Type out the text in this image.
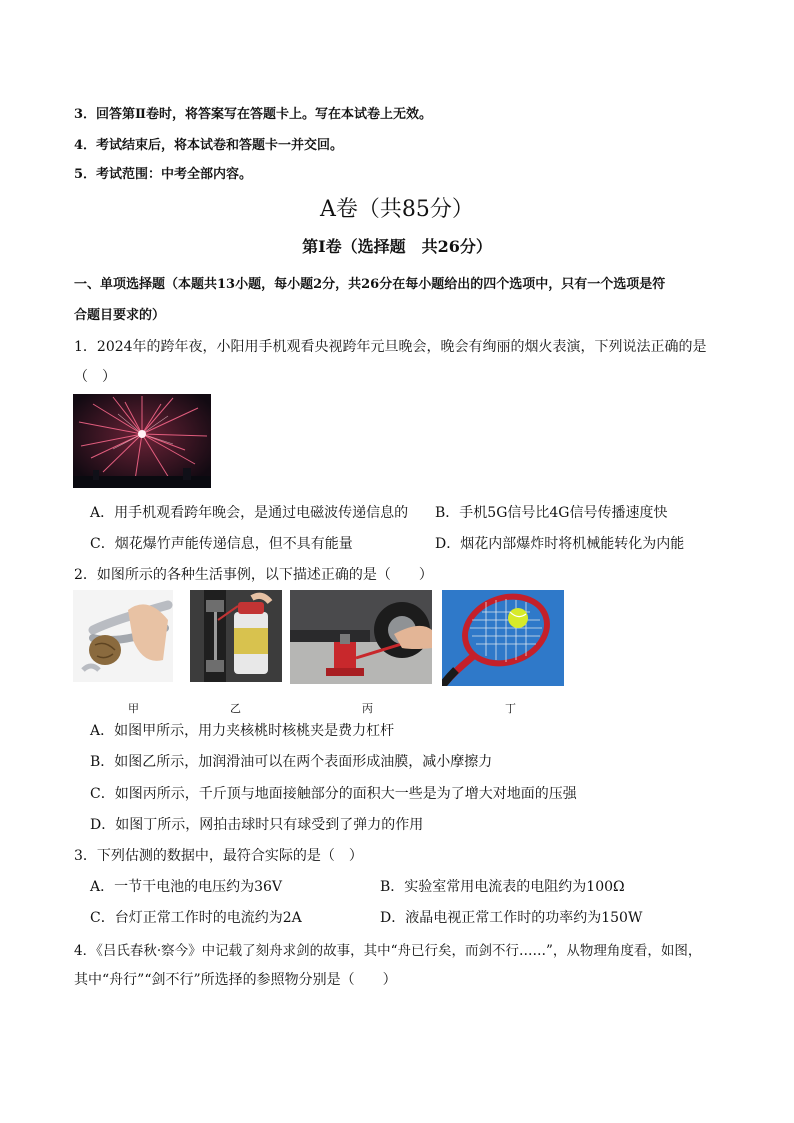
3．回答第Ⅱ卷时，将答案写在答题卡上。写在本试卷上无效。
4．考试结束后，将本试卷和答题卡一并交回。
5．考试范围：中考全部内容。
A卷（共85分）
第Ⅰ卷（选择题　共26分）
一、单项选择题（本题共13小题，每小题2分，共26分在每小题给出的四个选项中，只有一个选项是符
合题目要求的）
1．2024年的跨年夜，小阳用手机观看央视跨年元旦晚会，晚会有绚丽的烟火表演，下列说法正确的是
（　）
A．用手机观看跨年晚会，是通过电磁波传递信息的 B．手机5G信号比4G信号传播速度快
C．烟花爆竹声能传递信息，但不具有能量	D．烟花内部爆炸时将机械能转化为内能
2．如图所示的各种生活事例，以下描述正确的是（　　）
甲	乙	丙	丁
A．如图甲所示，用力夹核桃时核桃夹是费力杠杆
B．如图乙所示，加润滑油可以在两个表面形成油膜，减小摩擦力
C．如图丙所示，千斤顶与地面接触部分的面积大一些是为了增大对地面的压强
D．如图丁所示，网拍击球时只有球受到了弹力的作用
3．下列估测的数据中，最符合实际的是（　）
A．一节干电池的电压约为36V	B．实验室常用电流表的电阻约为100Ω
C．台灯正常工作时的电流约为2A	D．液晶电视正常工作时的功率约为150W
4．《吕氏春秋·察今》中记载了刻舟求剑的故事，其中“舟已行矣，而剑不行……”，从物理角度看，如图，
其中“舟行”“剑不行”所选择的参照物分别是（　　）
